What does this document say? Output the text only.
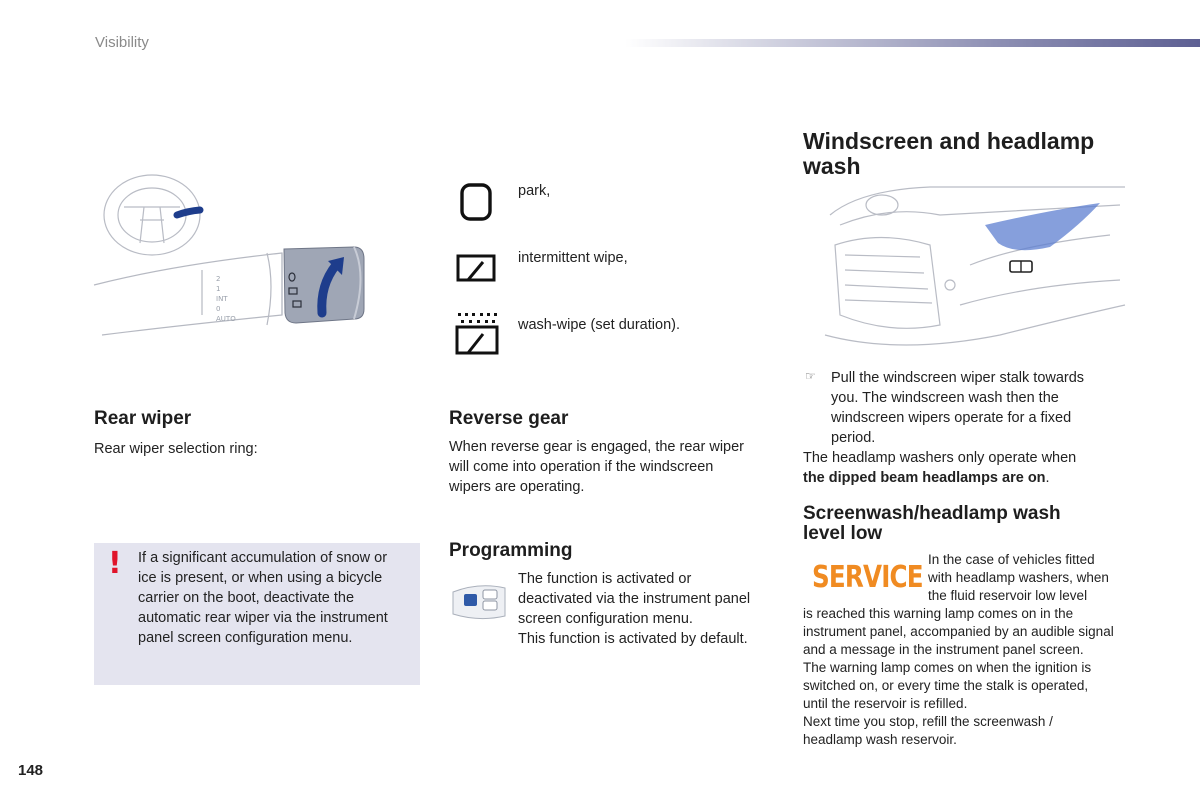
Visibility
2
1
INT
0
AUTO
park,
intermittent wipe,
wash-wipe (set duration).
Rear wiper
Rear wiper selection ring:
! If a significant accumulation of snow or
ice is present, or when using a bicycle
carrier on the boot, deactivate the
automatic rear wiper via the instrument
panel screen configuration menu.
Reverse gear
When reverse gear is engaged, the rear wiper
will come into operation if the windscreen
wipers are operating.
Programming
The function is activated or
deactivated via the instrument panel
screen configuration menu.
This function is activated by default.
Windscreen and headlamp
wash
☞ Pull the windscreen wiper stalk towards
you. The windscreen wash then the
windscreen wipers operate for a fixed
period.
The headlamp washers only operate when
the dipped beam headlamps are on.
Screenwash/headlamp wash
level low
SERVICE
In the case of vehicles fitted
with headlamp washers, when
the fluid reservoir low level
is reached this warning lamp comes on in the
instrument panel, accompanied by an audible signal
and a message in the instrument panel screen.
The warning lamp comes on when the ignition is
switched on, or every time the stalk is operated,
until the reservoir is refilled.
Next time you stop, refill the screenwash /
headlamp wash reservoir.
148
